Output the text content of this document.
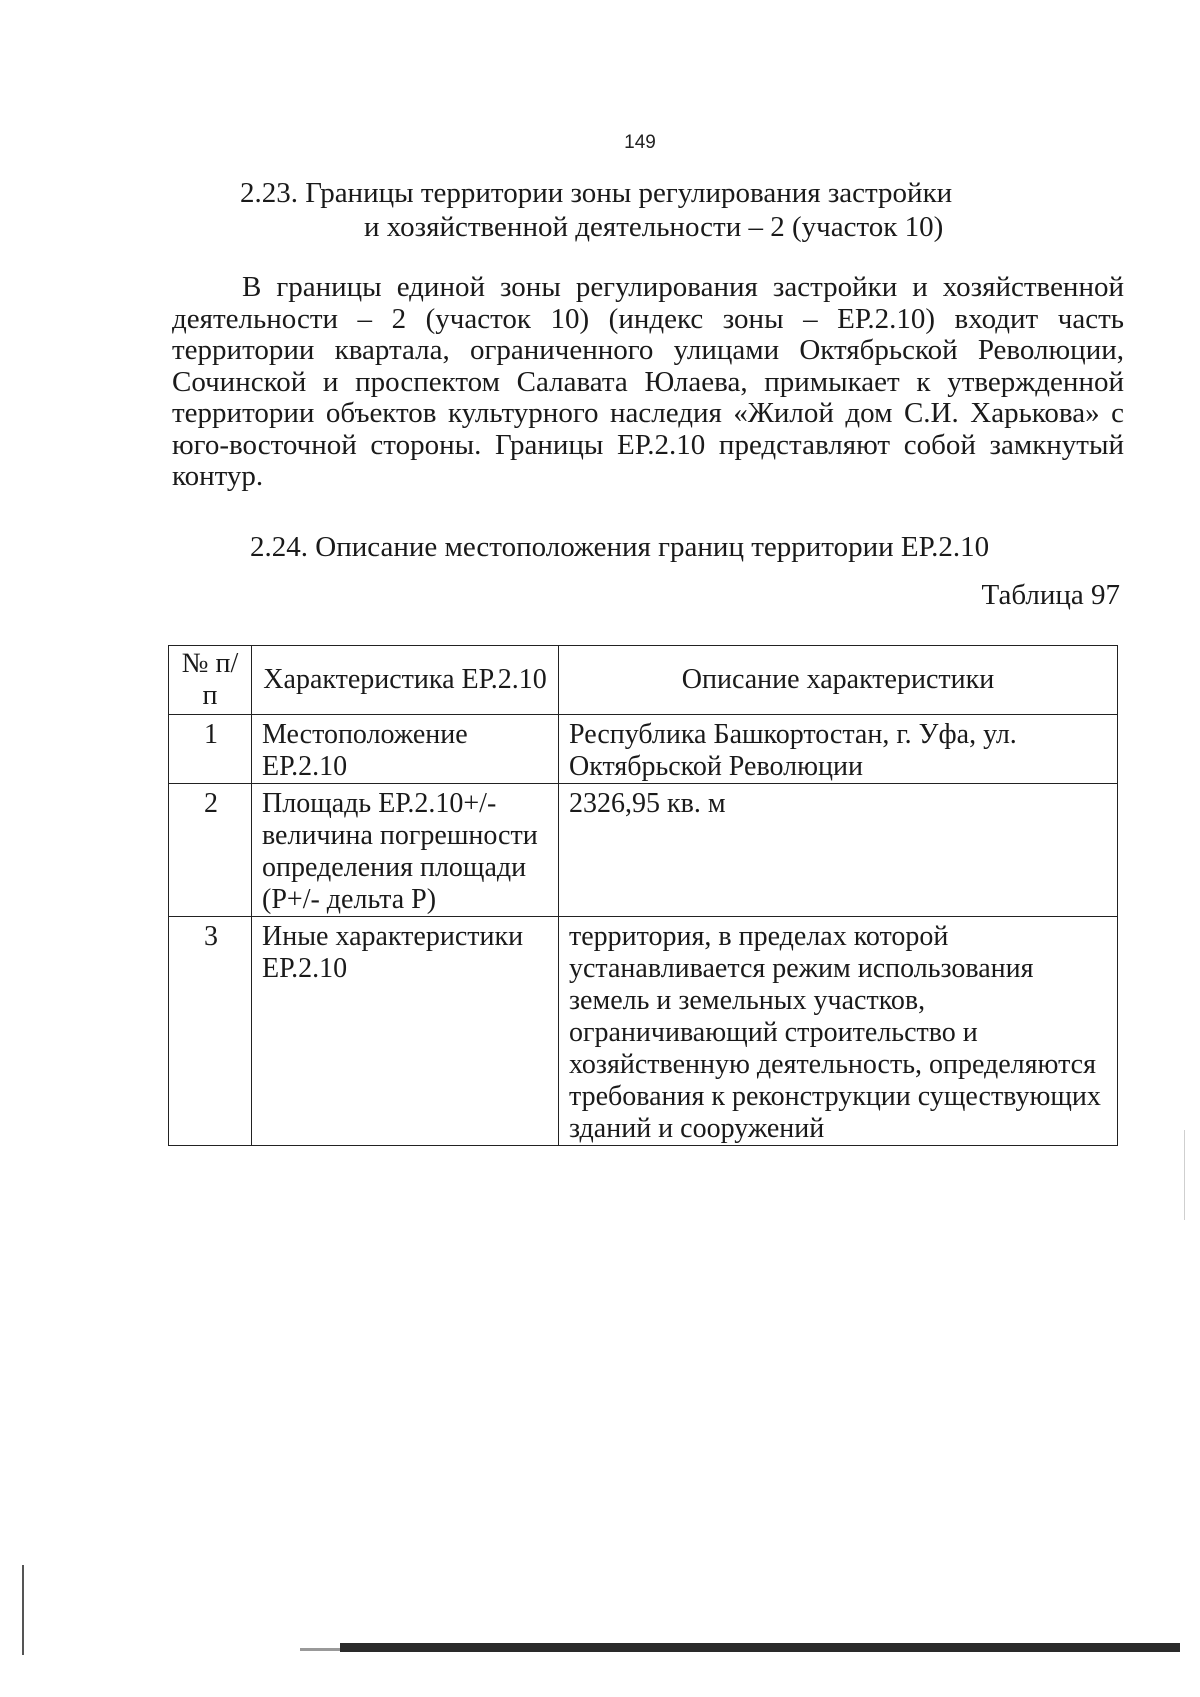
149
2.23. Границы территории зоны регулирования застройки
и хозяйственной деятельности – 2 (участок 10)
В границы единой зоны регулирования застройки и хозяйственной деятельности – 2 (участок 10) (индекс зоны – ЕР.2.10) входит часть территории квартала, ограниченного улицами Октябрьской Революции, Сочинской и проспектом Салавата Юлаева, примыкает к утвержденной территории объектов культурного наследия «Жилой дом С.И. Харькова» с юго-восточной стороны. Границы ЕР.2.10 представляют собой замкнутый контур.
2.24. Описание местоположения границ территории ЕР.2.10
Таблица 97
№ п/п	Характеристика ЕР.2.10	Описание характеристики
1	Местоположение ЕР.2.10	Республика Башкортостан, г. Уфа, ул. Октябрьской Революции
2	Площадь ЕР.2.10+/- величина погрешности определения площади (Р+/- дельта Р)	2326,95 кв. м
3	Иные характеристики ЕР.2.10	территория, в пределах которой устанавливается режим использования земель и земельных участков, ограничивающий строительство и хозяйственную деятельность, определяются требования к реконструкции существующих зданий и сооружений
